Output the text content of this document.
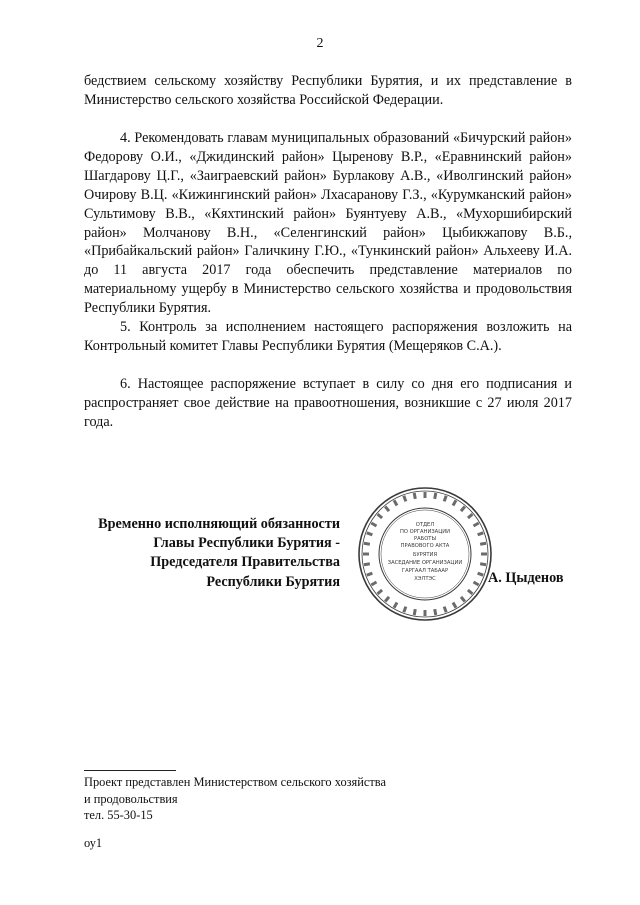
2

бедствием сельскому хозяйству Республики Бурятия, и их представление в Министерство сельского хозяйства Российской Федерации.

4. Рекомендовать главам муниципальных образований «Бичурский район» Федорову О.И., «Джидинский район» Цыренову В.Р., «Еравнинский район» Шагдарову Ц.Г., «Заиграевский район» Бурлакову А.В., «Иволгинский район» Очирову В.Ц. «Кижингинский район» Лхасаранову Г.З., «Курумканский район» Сультимову В.В., «Кяхтинский район» Буянтуеву А.В., «Мухоршибирский район» Молчанову В.Н., «Селенгинский район» Цыбикжапову В.Б., «Прибайкальский район» Галичкину Г.Ю., «Тункинский район» Альхееву И.А. до 11 августа 2017 года обеспечить представление материалов по материальному ущербу в Министерство сельского хозяйства и продовольствия Республики Бурятия.

5. Контроль за исполнением настоящего распоряжения возложить на Контрольный комитет Главы Республики Бурятия (Мещеряков С.А.).

6. Настоящее распоряжение вступает в силу со дня его подписания и распространяет свое действие на правоотношения, возникшие с 27 июля 2017 года.

Временно исполняющий обязанности
Главы Республики Бурятия -
Председателя Правительства
Республики Бурятия
ОТДЕЛ
ПО ОРГАНИЗАЦИИ
РАБОТЫ
ПРАВОВОГО АКТА
БУРЯТИЯ
ЗАСЕДАНИЕ ОРГАНИЗАЦИИ
ГАРГААЛ ТАБААР
ХЭЛТЭС	А. Цыденов
Проект представлен Министерством сельского хозяйства
и продовольствия
тел. 55-30-15
оу1
